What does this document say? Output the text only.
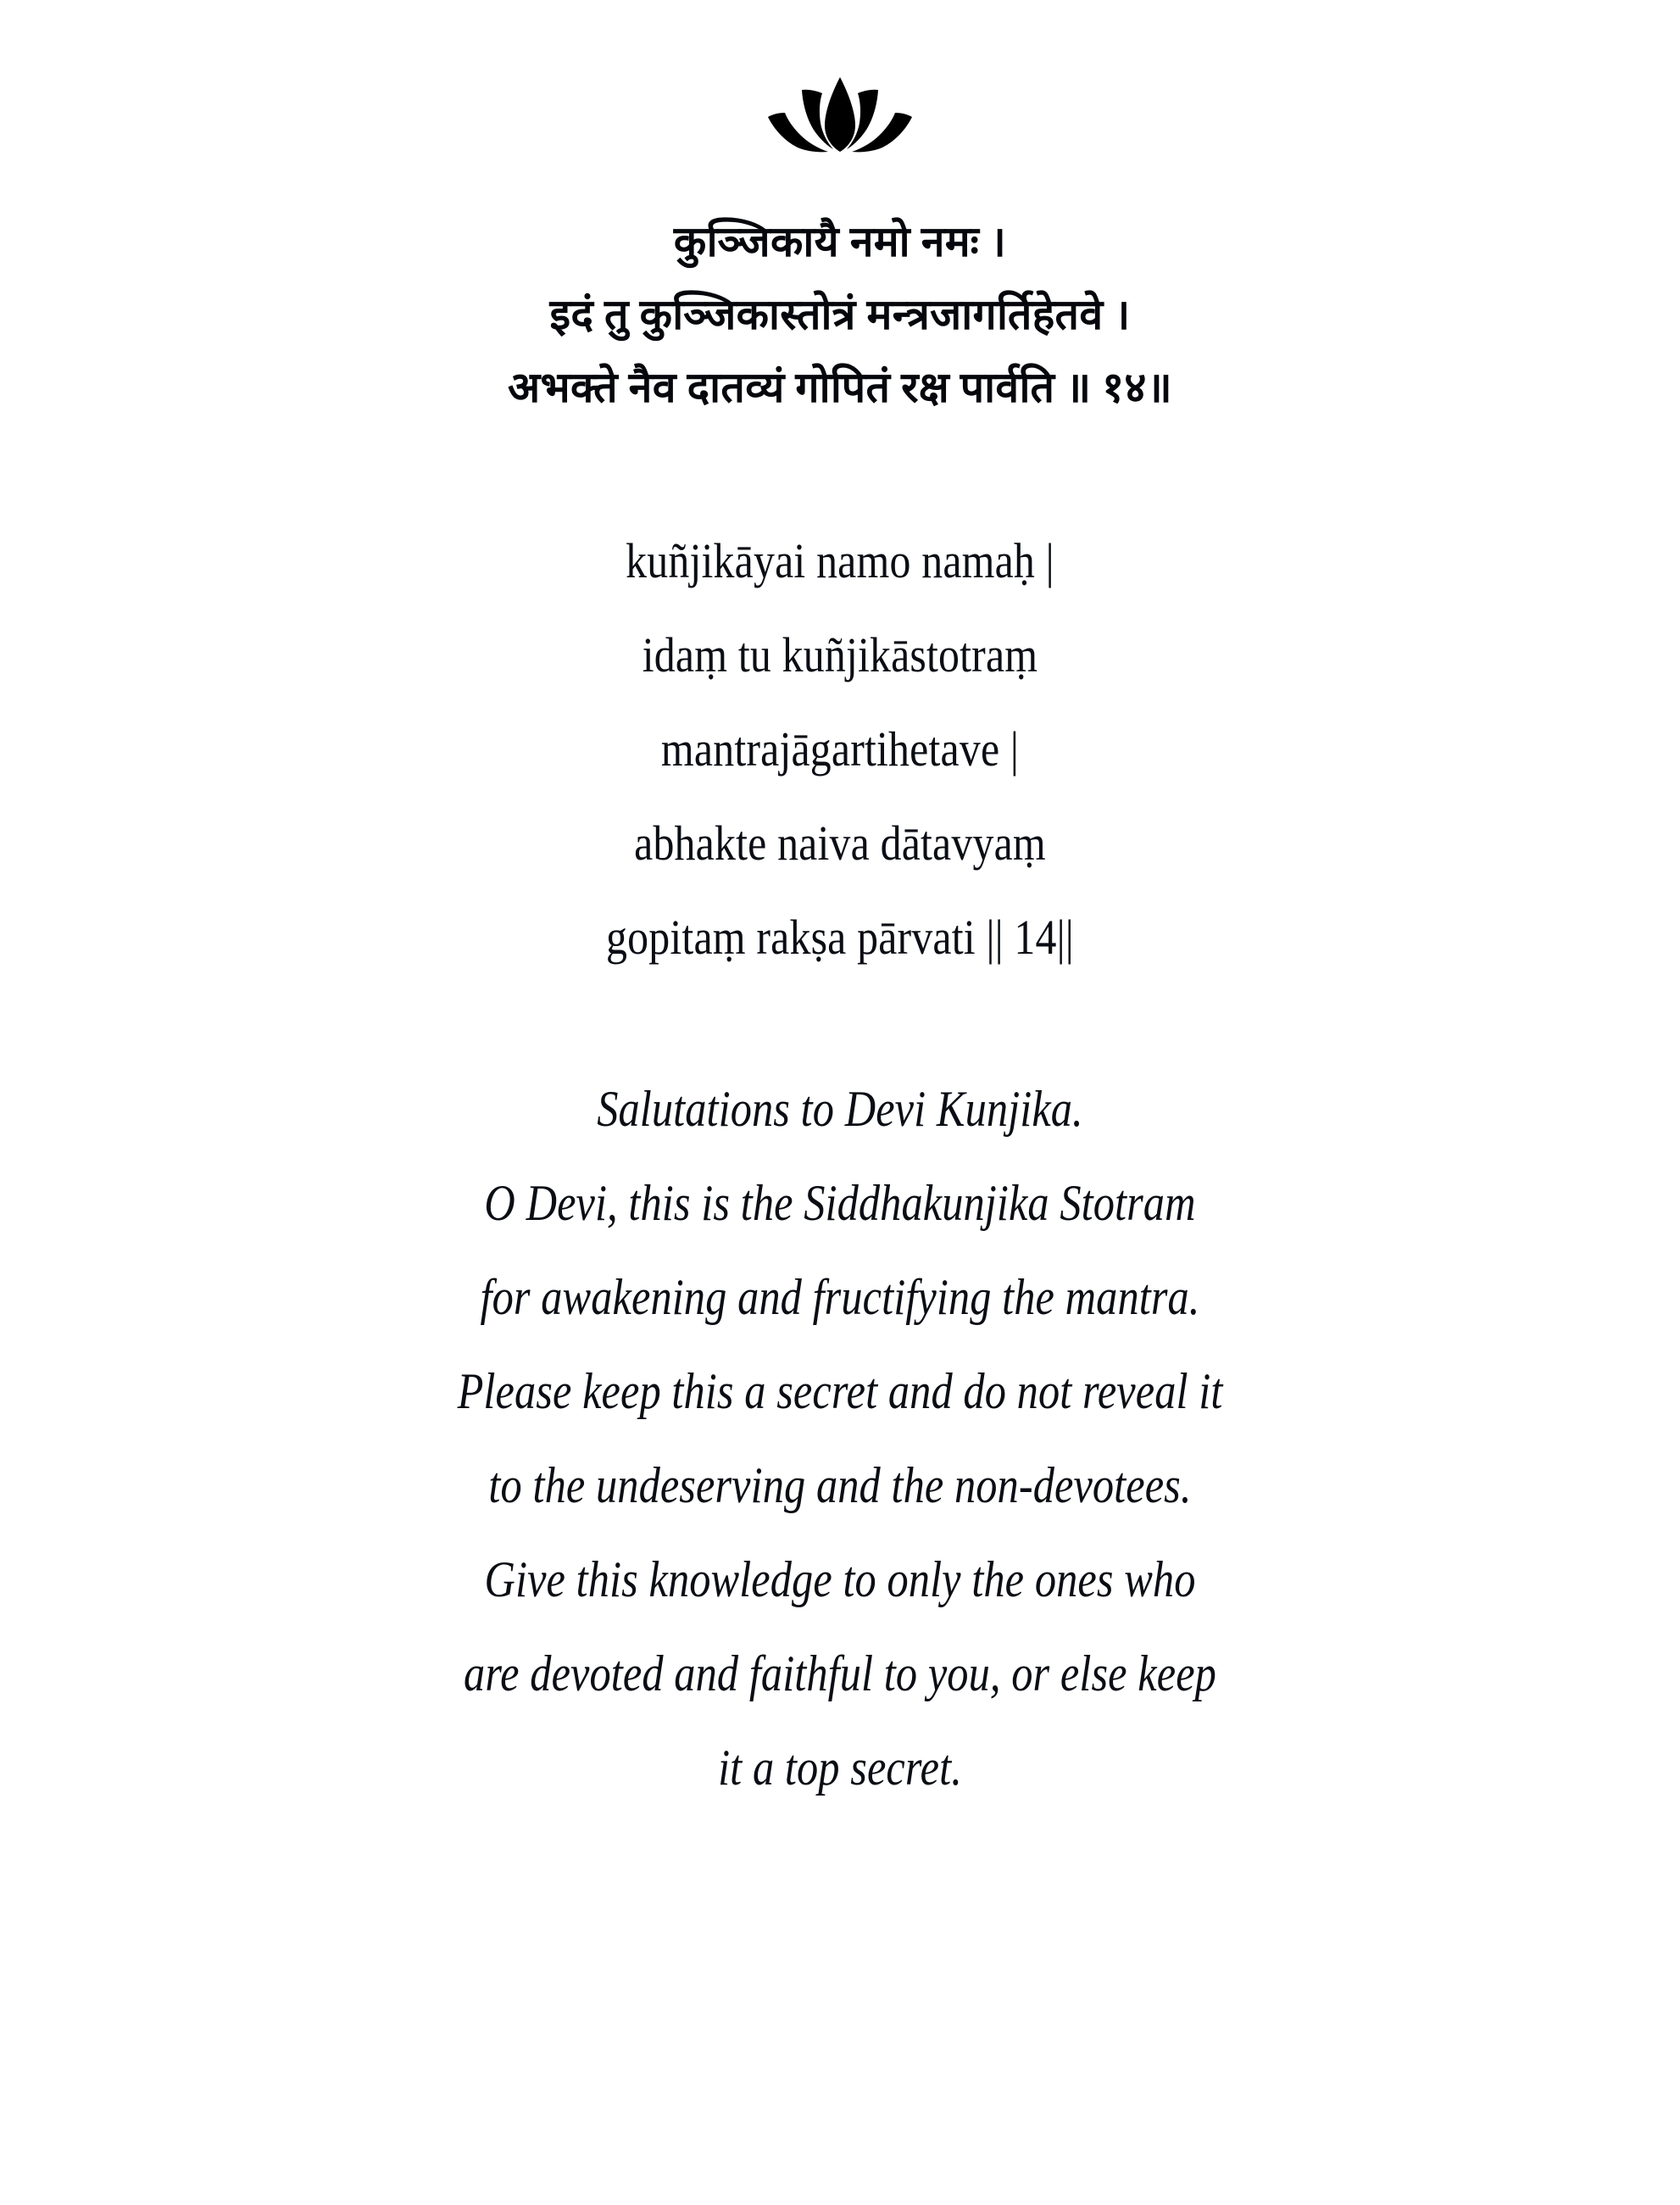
कुञ्जिकायै नमो नमः ।
इदं तु कुञ्जिकास्तोत्रं मन्त्रजागर्तिहेतवे ।
अभक्ते नैव दातव्यं गोपितं रक्ष पार्वति ॥ १४॥
kuñjikāyai namo namaḥ |
idaṃ tu kuñjikāstotraṃ
mantrajāgartihetave |
abhakte naiva dātavyaṃ
gopitaṃ rakṣa pārvati || 14||
Salutations to Devi Kunjika.
O Devi, this is the Siddhakunjika Stotram
for awakening and fructifying the mantra.
Please keep this a secret and do not reveal it
to the undeserving and the non-devotees.
Give this knowledge to only the ones who
are devoted and faithful to you, or else keep
it a top secret.
